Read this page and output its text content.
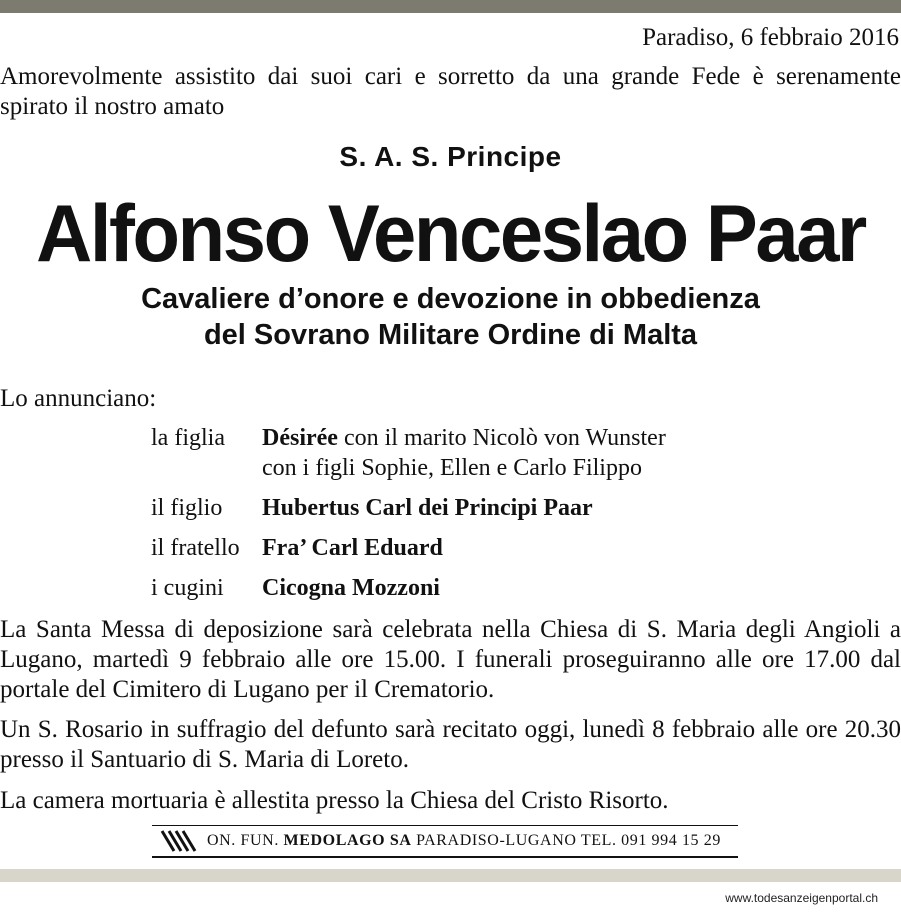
Paradiso, 6 febbraio 2016
Amorevolmente assistito dai suoi cari e sorretto da una grande Fede è serenamente spirato il nostro amato
S. A. S. Principe
Alfonso Venceslao Paar
Cavaliere d’onore e devozione in obbedienza
del Sovrano Militare Ordine di Malta
Lo annunciano:
la figlia Désirée con il marito Nicolò von Wunster
con i figli Sophie, Ellen e Carlo Filippo
il figlio Hubertus Carl dei Principi Paar
il fratello Fra’ Carl Eduard
i cugini Cicogna Mozzoni
La Santa Messa di deposizione sarà celebrata nella Chiesa di S. Maria degli Angioli a Lugano, martedì 9 febbraio alle ore 15.00. I funerali proseguiranno alle ore 17.00 dal portale del Cimitero di Lugano per il Crematorio.
Un S. Rosario in suffragio del defunto sarà recitato oggi, lunedì 8 febbraio alle ore 20.30 presso il Santuario di S. Maria di Loreto.
La camera mortuaria è allestita presso la Chiesa del Cristo Risorto.
ON. FUN. MEDOLAGO SA PARADISO-LUGANO TEL. 091 994 15 29
www.todesanzeigenportal.ch
